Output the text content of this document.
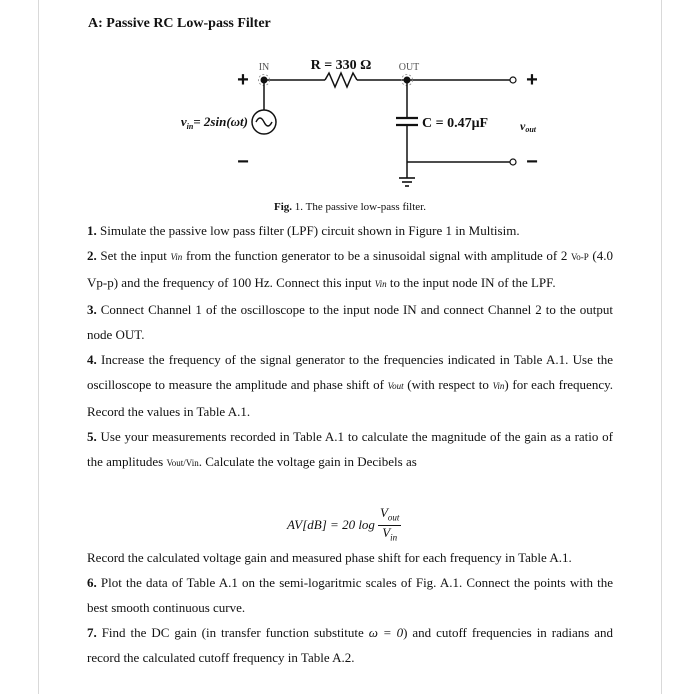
A: Passive RC Low-pass Filter
IN	R = 330 Ω	OUT
+
−
+
−
$v_{in}= 2\sin(\omega t)$	C = 0.47μF	vout
Fig. 1. The passive low-pass filter.

1. Simulate the passive low pass filter (LPF) circuit shown in Figure 1 in Multisim.

2. Set the input Vin from the function generator to be a sinusoidal signal with amplitude of 2 Vo-P (4.0 Vp-p) and the frequency of 100 Hz. Connect this input Vin to the input node IN of the LPF.

3. Connect Channel 1 of the oscilloscope to the input node IN and connect Channel 2 to the output node OUT.

4. Increase the frequency of the signal generator to the frequencies indicated in Table A.1. Use the oscilloscope to measure the amplitude and phase shift of Vout (with respect to Vin) for each frequency. Record the values in Table A.1.

5. Use your measurements recorded in Table A.1 to calculate the magnitude of the gain as a ratio of the amplitudes Vout/Vin. Calculate the voltage gain in Decibels as

AV[dB] = 20 $\log \frac{V_{out}}{V_{in}}$

Record the calculated voltage gain and measured phase shift for each frequency in Table A.1.

6. Plot the data of Table A.1 on the semi-logaritmic scales of Fig. A.1. Connect the points with the best smooth continuous curve.

7. Find the DC gain (in transfer function substitute ω = 0) and cutoff frequencies in radians and record the calculated cutoff frequency in Table A.2.
